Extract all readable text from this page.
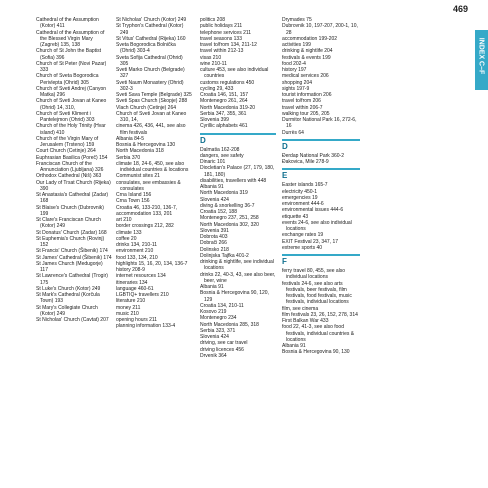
469
INDEX C–F
Cathedral of the Assumption (Kotor) 411
Cathedral of the Assumption of the Blessed Virgin Mary (Zagreb) 135, 138
Church of St John the Baptist (Sofia) 396
Church of St Peter (Novi Pazar) 333
Church of Sveta Bogorodica Perivlepta (Ohrid) 305
Church of Sveti Andrej (Canyon Matka) 296
Church of Sveti Jovan at Kaneo (Ohrid) 14, 310,
Church of Sveti Kliment i Pantelejmon (Ohrid) 303
Church of the Holy Trinity (Hvar island) 410
Church of the Virgin Mary of Jerusalem (Trsteno) 159
Court Church (Cetinje) 264
Euphrasian Basilica (Poreč) 154
Franciscan Church of the Annunciation (Ljubljana) 326
Orthodox Cathedral (Niš) 363
Our Lady of Trsat Church (Rijeka) 390
St Anastasia's Cathedral (Zadar) 168
St Blaise's Church (Dubrovnik) 199
St Clare's Franciscan Church (Kotor) 249
St Donatus' Church (Zadar) 168
St Euphemia's Church (Rovinj) 152
St Francis' Church (Šibenik) 174
St James' Cathedral (Šibenik) 174
St James Church (Medugorje) 117
St Lawrence's Cathedral (Trogir) 175
St Luke's Church (Kotor) 249
St Mark's Cathedral (Korčula Town) 193
St Mary's Collegiate Church (Kotor) 249
St Nicholas' Church (Cavtat) 207
St Nicholas' Church (Kotor) 249
St Tryphon's Cathedral (Kotor) 249
St Vitus' Cathedral (Rijeka) 160
Sveta Bogorodica Bolnička (Ohrid) 303-4
Sveta Sofija Cathedral (Ohrid) 305
Sveti Marko Church (Belgrade) 327
Sveti Naum Monastery (Ohrid) 302-3
Sveti Sava Temple (Belgrade) 325
Sveti Spas Church (Skopje) 288
Vlach Church (Cetinje) 264
Church of Sveti Jovan at Kaneo 310, 14,
cinema 426, 436, 441, see also film festivals
Albania 84-5
Bosnia & Hercegovina 130
North Macedonia 318
Serbia 370
climate 18, 24-6, 450, see also individual countries & locations
Communist sites 21
consulates, see embassies & consulates
Crna Island 156
Crna Town 156
Croatia 46, 133-210, 136-7,
accommodation 133, 201
art 210
border crossings 212, 282
climate 133
coffee 20
drinks 134, 210-11
environment 210
food 133, 134, 210
highlights 15, 16, 20, 134, 136-7
history 208-9
internet resources 134
itineraries 134
language 460-61
LGBTIQ+ travellers 210
literature 210
money 211
music 210
opening hours 211
planning information 133-4
politics 208
public holidays 211
telephone services 211
travel seasons 133
travel to/from 134, 211-12
travel within 212-13
visas 210
wine 210-11
culture 453, see also individual countries
customs regulations 450
cycling 29, 433
Croatia 146, 151, 157
Montenegro 261, 264
North Macedonia 319-20
Serbia 347, 355, 361
Slovenia 399
Cyrillic alphabets 461
D
Dalmatia 162-208
dangers, see safety
Dinaric 101
Diocletian's Palace (27, 179, 180, 181, 180)
disabilities, travellers with 448
Albania 91
North Macedonia 319
Slovenia 424
diving & snorkelling 36-7
Croatia 152, 188
Montenegro 237, 251, 258
North Macedonia 302, 320
Slovenia 391
Dobrota 403
Dobrači 266
Dolinsko 218
Dolinjska Tajfka 401-2
drinking & nightlife, see individual locations
drinks 22, 40-3, 43, see also beer, beer, wine
Albania 91
Bosnia & Hercegovina 90, 120, 129
Croatia 134, 210-11
Kosovo 219
Montenegro 234
North Macedonia 285, 318
Serbia 323, 371
Slovenia 424
driving, see car travel
driving licences 456
Drvenik 364
Drymades 75
Dubrovnik 10, 197-207, 200-1, 10, 28
accommodation 199-202
activities 199
drinking & nightlife 204
festivals & events 199
food 202-4
history 197
medical services 206
shopping 204
sights 197-9
tourist information 206
travel to/from 206
travel within 206-7
walking tour 205, 205
Durmitor National Park 16, 272-6, 16
Durrës 64
D
Đerdap National Park 360-2
Đakovica, Mile 278-9
E
Easter islands 165-7
electricity 450-1
emergencies 19
environment 444-6
environmental issues 444-6
etiquette 43
events 24-6, see also individual locations
exchange rates 19
EXIT Festival 23, 347, 17
extreme sports 40
F
ferry travel 80, 455, see also individual locations
festivals 24-6, see also arts festivals, beer festivals, film festivals, food festivals, music festivals, individual locations
film, see cinema
film festivals 23, 26, 152, 278, 314
First Balkan War 433
food 22, 41-3, see also food festivals, individual countries & locations
Albania 91
Bosnia & Hercegovina 90, 130
